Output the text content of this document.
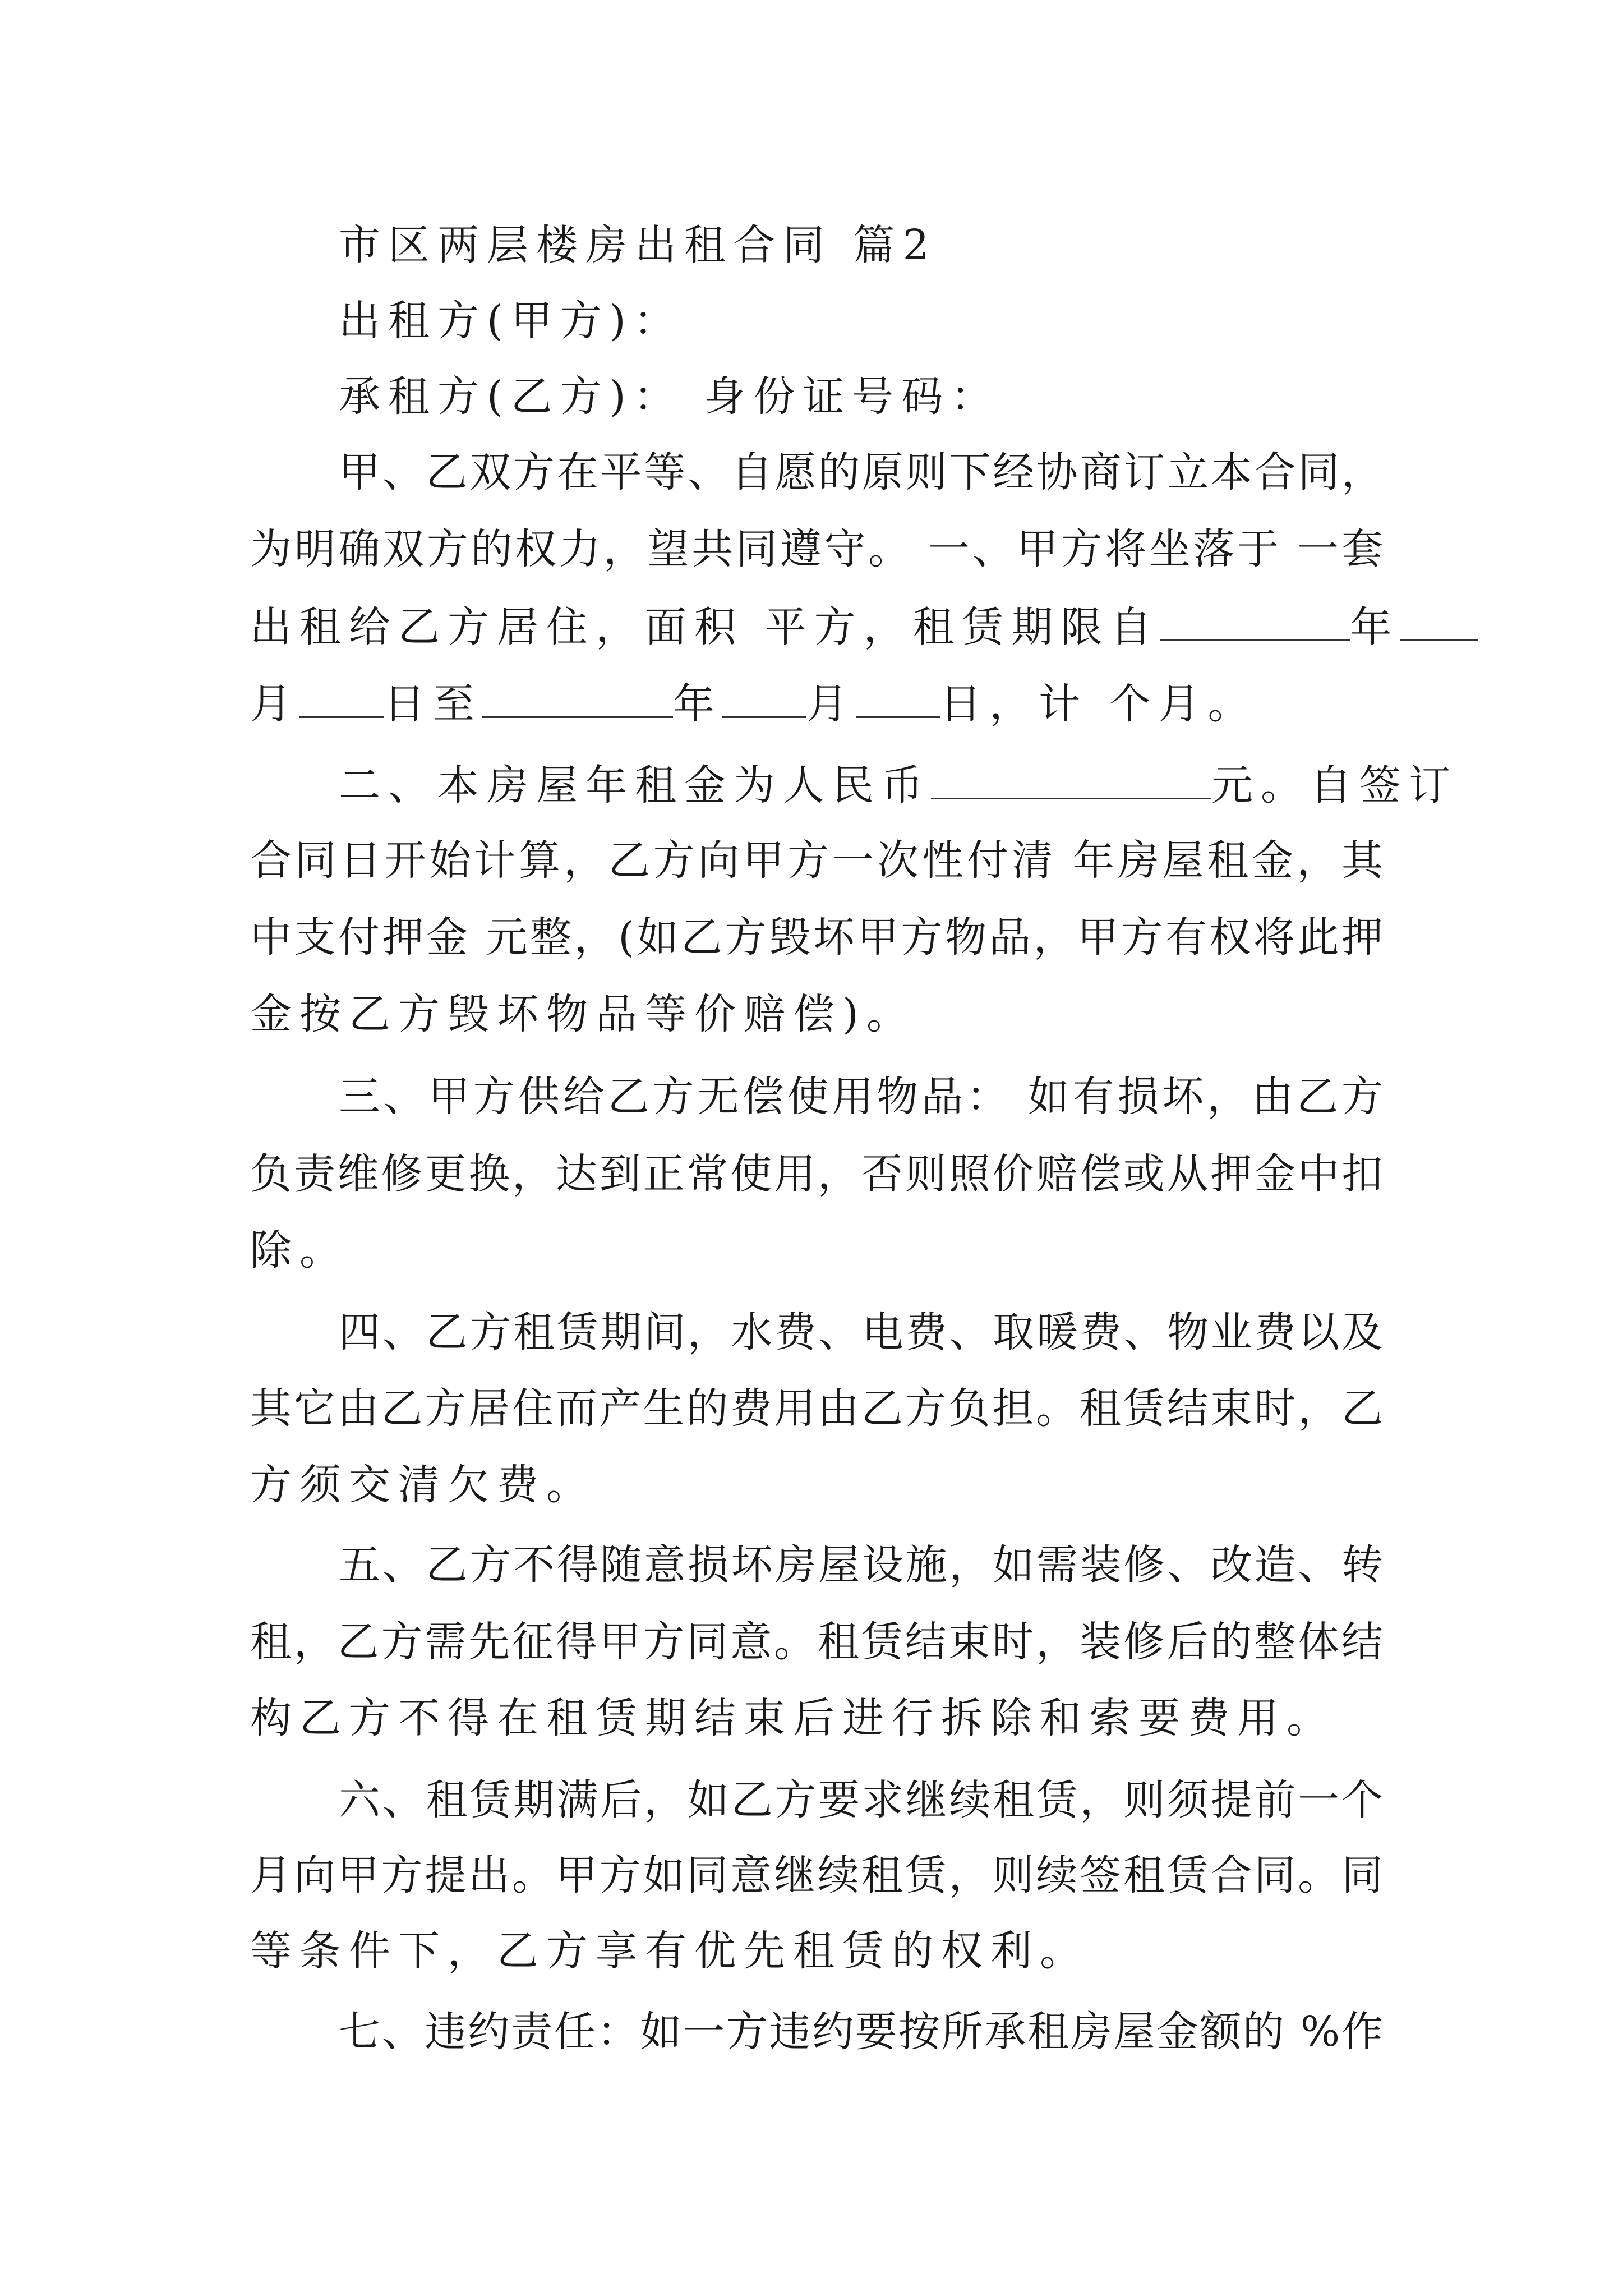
市区两层楼房出租合同 篇2
出租方(甲方)：
承租方(乙方)： 身份证号码：
甲、乙双方在平等、自愿的原则下经协商订立本合同，
为明确双方的权力，望共同遵守。 一、甲方将坐落于 一套
出租给乙方居住，面积 平方，租赁期限自	年
月 日至	年 月 日，计 个月。
二、本房屋年租金为人民币	元。自签订
合同日开始计算，乙方向甲方一次性付清 年房屋租金，其
中支付押金 元整，(如乙方毁坏甲方物品，甲方有权将此押
金按乙方毁坏物品等价赔偿)。
三、甲方供给乙方无偿使用物品： 如有损坏，由乙方
负责维修更换，达到正常使用，否则照价赔偿或从押金中扣
除。
四、乙方租赁期间，水费、电费、取暖费、物业费以及
其它由乙方居住而产生的费用由乙方负担。租赁结束时，乙
方须交清欠费。
五、乙方不得随意损坏房屋设施，如需装修、改造、转
租，乙方需先征得甲方同意。租赁结束时，装修后的整体结
构乙方不得在租赁期结束后进行拆除和索要费用。
六、租赁期满后，如乙方要求继续租赁，则须提前一个
月向甲方提出。甲方如同意继续租赁，则续签租赁合同。同
等条件下，乙方享有优先租赁的权利。
七、违约责任：如一方违约要按所承租房屋金额的 %作
